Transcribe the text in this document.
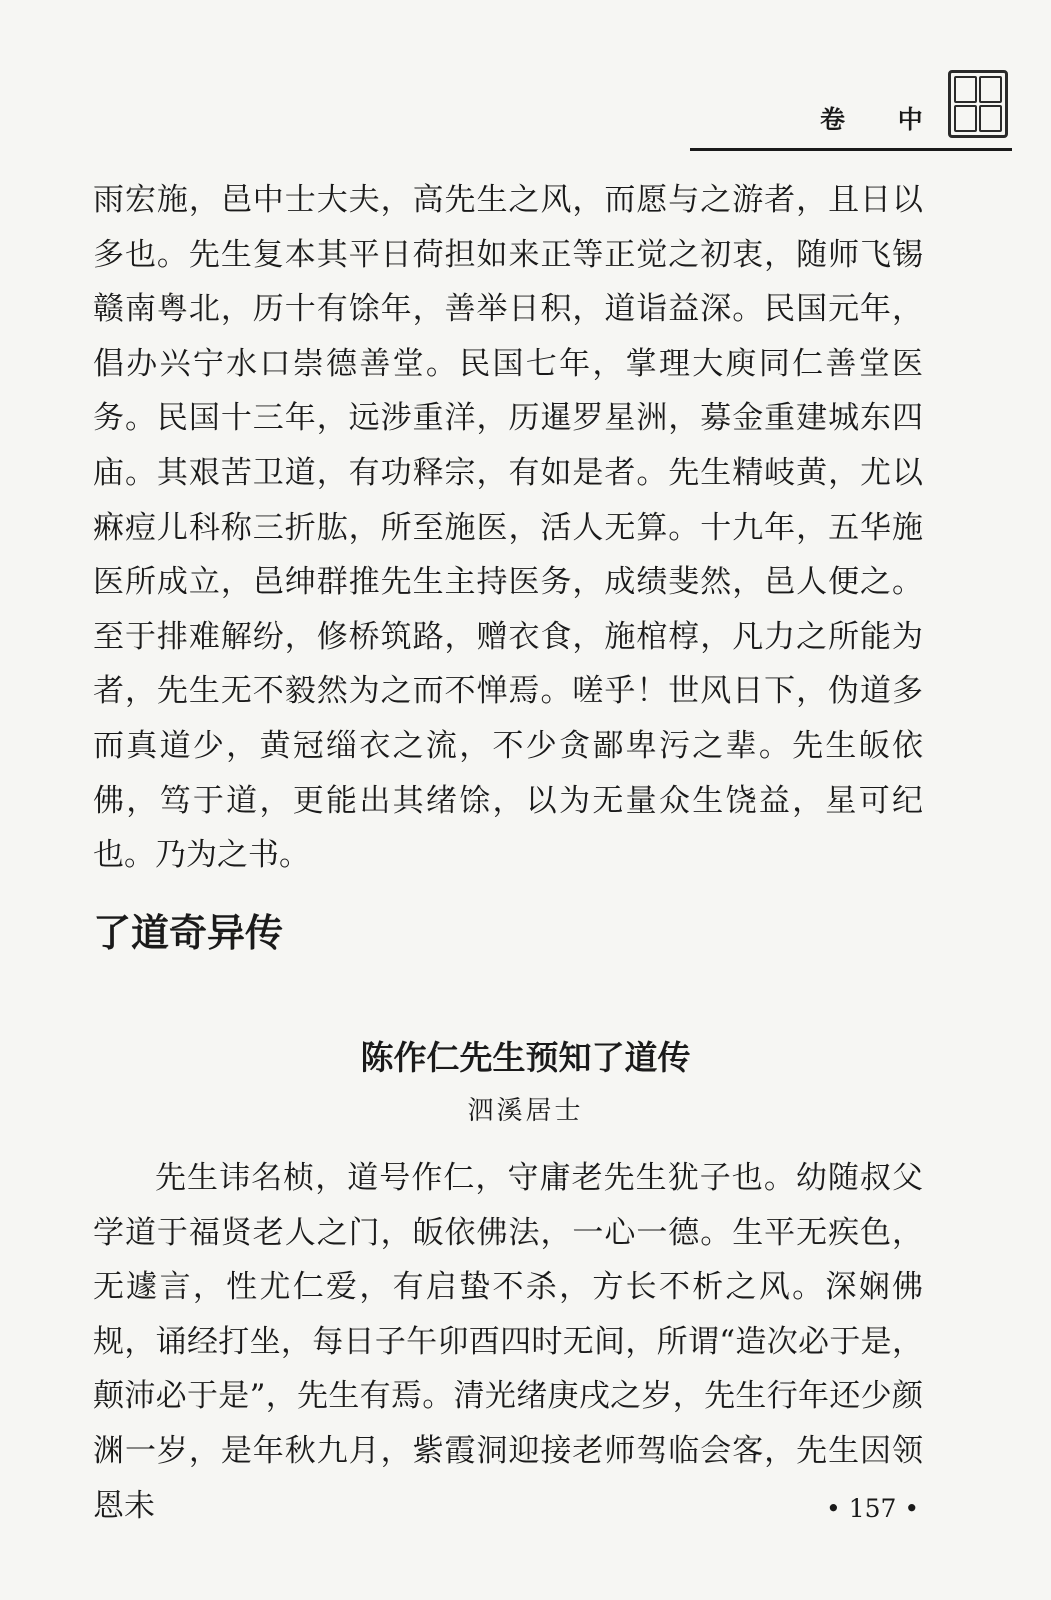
卷 中

雨宏施，邑中士大夫，高先生之风，而愿与之游者，且日以多也。先生复本其平日荷担如来正等正觉之初衷，随师飞锡赣南粤北，历十有馀年，善举日积，道诣益深。民国元年，倡办兴宁水口崇德善堂。民国七年，掌理大庾同仁善堂医务。民国十三年，远涉重洋，历暹罗星洲，募金重建城东四庙。其艰苦卫道，有功释宗，有如是者。先生精岐黄，尤以痳痘儿科称三折肱，所至施医，活人无算。十九年，五华施医所成立，邑绅群推先生主持医务，成绩斐然，邑人便之。至于排难解纷，修桥筑路，赠衣食，施棺椁，凡力之所能为者，先生无不毅然为之而不惮焉。嗟乎！世风日下，伪道多而真道少，黄冠缁衣之流，不少贪鄙卑污之辈。先生皈依佛，笃于道，更能出其绪馀，以为无量众生饶益，星可纪也。乃为之书。

了道奇异传
陈作仁先生预知了道传
泗溪居士

先生讳名桢，道号作仁，守庸老先生犹子也。幼随叔父学道于福贤老人之门，皈依佛法，一心一德。生平无疾色，无遽言，性尤仁爱，有启蛰不杀，方长不析之风。深娴佛规，诵经打坐，每日子午卯酉四时无间，所谓“造次必于是，颠沛必于是”，先生有焉。清光绪庚戌之岁，先生行年还少颜渊一岁，是年秋九月，紫霞洞迎接老师驾临会客，先生因领恩未	• 157 •
